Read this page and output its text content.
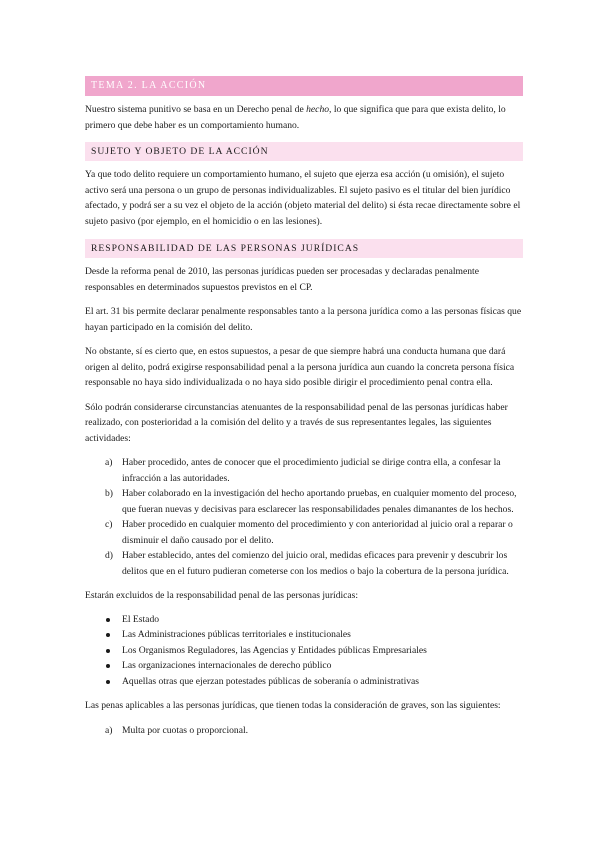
TEMA 2. LA ACCIÓN

Nuestro sistema punitivo se basa en un Derecho penal de hecho, lo que significa que para que exista delito, lo primero que debe haber es un comportamiento humano.

SUJETO Y OBJETO DE LA ACCIÓN

Ya que todo delito requiere un comportamiento humano, el sujeto que ejerza esa acción (u omisión), el sujeto activo será una persona o un grupo de personas individualizables. El sujeto pasivo es el titular del bien jurídico afectado, y podrá ser a su vez el objeto de la acción (objeto material del delito) si ésta recae directamente sobre el sujeto pasivo (por ejemplo, en el homicidio o en las lesiones).

RESPONSABILIDAD DE LAS PERSONAS JURÍDICAS

Desde la reforma penal de 2010, las personas jurídicas pueden ser procesadas y declaradas penalmente responsables en determinados supuestos previstos en el CP.

El art. 31 bis permite declarar penalmente responsables tanto a la persona jurídica como a las personas físicas que hayan participado en la comisión del delito.

No obstante, sí es cierto que, en estos supuestos, a pesar de que siempre habrá una conducta humana que dará origen al delito, podrá exigirse responsabilidad penal a la persona jurídica aun cuando la concreta persona física responsable no haya sido individualizada o no haya sido posible dirigir el procedimiento penal contra ella.

Sólo podrán considerarse circunstancias atenuantes de la responsabilidad penal de las personas jurídicas haber realizado, con posterioridad a la comisión del delito y a través de sus representantes legales, las siguientes actividades:

a) Haber procedido, antes de conocer que el procedimiento judicial se dirige contra ella, a confesar la infracción a las autoridades.
b) Haber colaborado en la investigación del hecho aportando pruebas, en cualquier momento del proceso, que fueran nuevas y decisivas para esclarecer las responsabilidades penales dimanantes de los hechos.
c) Haber procedido en cualquier momento del procedimiento y con anterioridad al juicio oral a reparar o disminuir el daño causado por el delito.
d) Haber establecido, antes del comienzo del juicio oral, medidas eficaces para prevenir y descubrir los delitos que en el futuro pudieran cometerse con los medios o bajo la cobertura de la persona jurídica.

Estarán excluidos de la responsabilidad penal de las personas jurídicas:

El Estado
Las Administraciones públicas territoriales e institucionales
Los Organismos Reguladores, las Agencias y Entidades públicas Empresariales
Las organizaciones internacionales de derecho público
Aquellas otras que ejerzan potestades públicas de soberanía o administrativas

Las penas aplicables a las personas jurídicas, que tienen todas la consideración de graves, son las siguientes:

a) Multa por cuotas o proporcional.
